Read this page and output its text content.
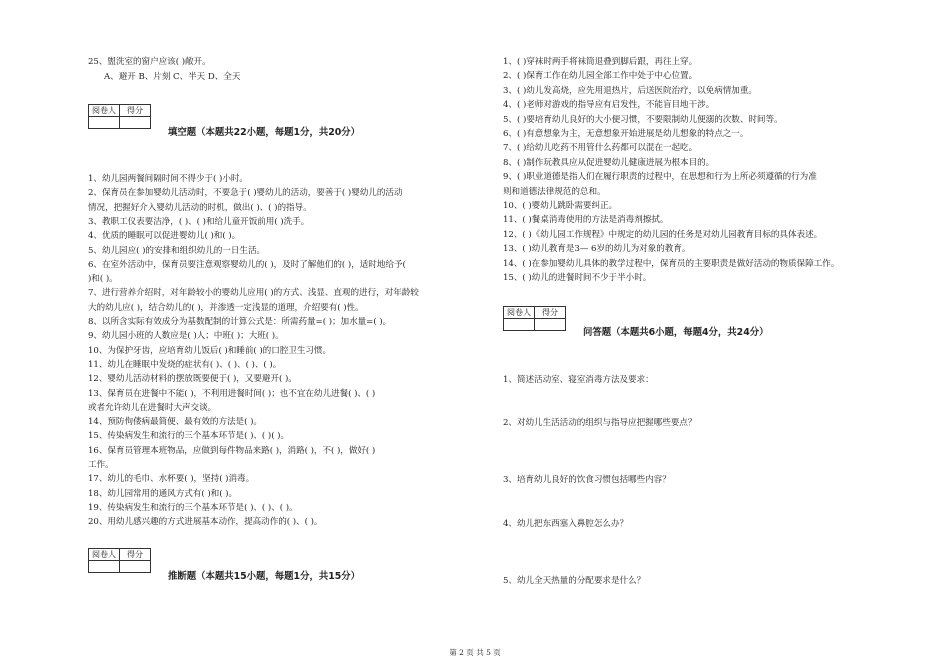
25、盥洗室的窗户应该( )敞开。
A、避开 B、片刻 C、半天 D、全天
阅卷人	得分

填空题（本题共22小题，每题1分，共20分）
1、幼儿园两餐间隔时间不得少于( )小时。
2、保育员在参加婴幼儿活动时，不要急于( )婴幼儿的活动，要善于( )婴幼儿的活动
情况，把握好介入婴幼儿活动的时机，做出( )、( )的指导。
3、教职工仪表要洁净，( )、( )和给儿童开饭前用( )洗手。
4、优质的睡眠可以促进婴幼儿( )和( )。
5、幼儿园应( )的安排和组织幼儿的一日生活。
6、在室外活动中，保育员要注意观察婴幼儿的( )，及时了解他们的( )，适时地给予(
)和( )。
7、进行营养介绍时，对年龄较小的婴幼儿应用( )的方式、浅显、直观的进行，对年龄较
大的幼儿应( )，结合幼儿的( )，并渗透一定浅显的道理，介绍要有( )性。
8、以所含实际有效成分为基数配制的计算公式是：所需药量=( )；加水量=( )。
9、幼儿园小班的人数应是( )人；中班( )；大班( )。
10、为保护牙齿，应培育幼儿饭后( )和睡前( )的口腔卫生习惯。
11、幼儿在睡眠中发烧的症状有( )、( )、( )、( )。
12、婴幼儿活动材料的摆放既要便于( )，又要避开( )。
13、保育员在进餐中不能( )，不利用进餐时间( )；也不宜在幼儿进餐( )、( )
或者允许幼儿在进餐时大声交谈。
14、预防佝偻病最简便、最有效的方法是( )。
15、传染病发生和流行的三个基本环节是( )、( )( )。
16、保育员管理本班物品，应做到每件物品来路( )，消路( )，不( )，做好( )
工作。
17、幼儿的毛巾、水杯要( )，坚持( )消毒。
18、幼儿园常用的通风方式有( )和( )。
19、传染病发生和流行的三个基本环节是( )、( )、( )。
20、用幼儿感兴趣的方式进展基本动作，提高动作的( )、( )。
阅卷人	得分

推断题（本题共15小题，每题1分，共15分）
1、( )穿袜时两手将袜筒退叠到脚后跟，再往上穿。
2、( )保育工作在幼儿园全部工作中处于中心位置。
3、( )幼儿发高烧，应先用退热片，后送医院治疗，以免病情加重。
4、( )老师对游戏的指导应有启发性，不能盲目地干涉。
5、( )要培育幼儿良好的大小便习惯，不要限制幼儿便溺的次数、时间等。
6、( )有意想象为主，无意想象开始进展是幼儿想象的特点之一。
7、( )给幼儿吃药不用管什么药都可以混在一起吃。
8、( )制作玩教具应从促进婴幼儿健康进展为根本目的。
9、( )职业道德是指人们在履行职责的过程中，在思想和行为上所必须遵循的行为准
则和道德法律规范的总和。
10、( )婴幼儿跳卧需要纠正。
11、( )餐桌消毒使用的方法是消毒剂擦拭。
12、( )《幼儿园工作规程》中规定的幼儿园的任务是对幼儿园教育目标的具体表述。
13、( )幼儿教育是3— 6岁的幼儿为对象的教育。
14、( )在参加婴幼儿具体的教学过程中，保育员的主要职责是做好活动的物质保障工作。
15、( )幼儿的进餐时间不少于半小时。
阅卷人	得分

问答题（本题共6小题，每题4分，共24分）
1、简述活动室、寝室消毒方法及要求：
2、对幼儿生活活动的组织与指导应把握哪些要点？
3、培育幼儿良好的饮食习惯包括哪些内容？
4、幼儿把东西塞入鼻腔怎么办？
5、幼儿全天热量的分配要求是什么？
第 2 页 共 5 页
